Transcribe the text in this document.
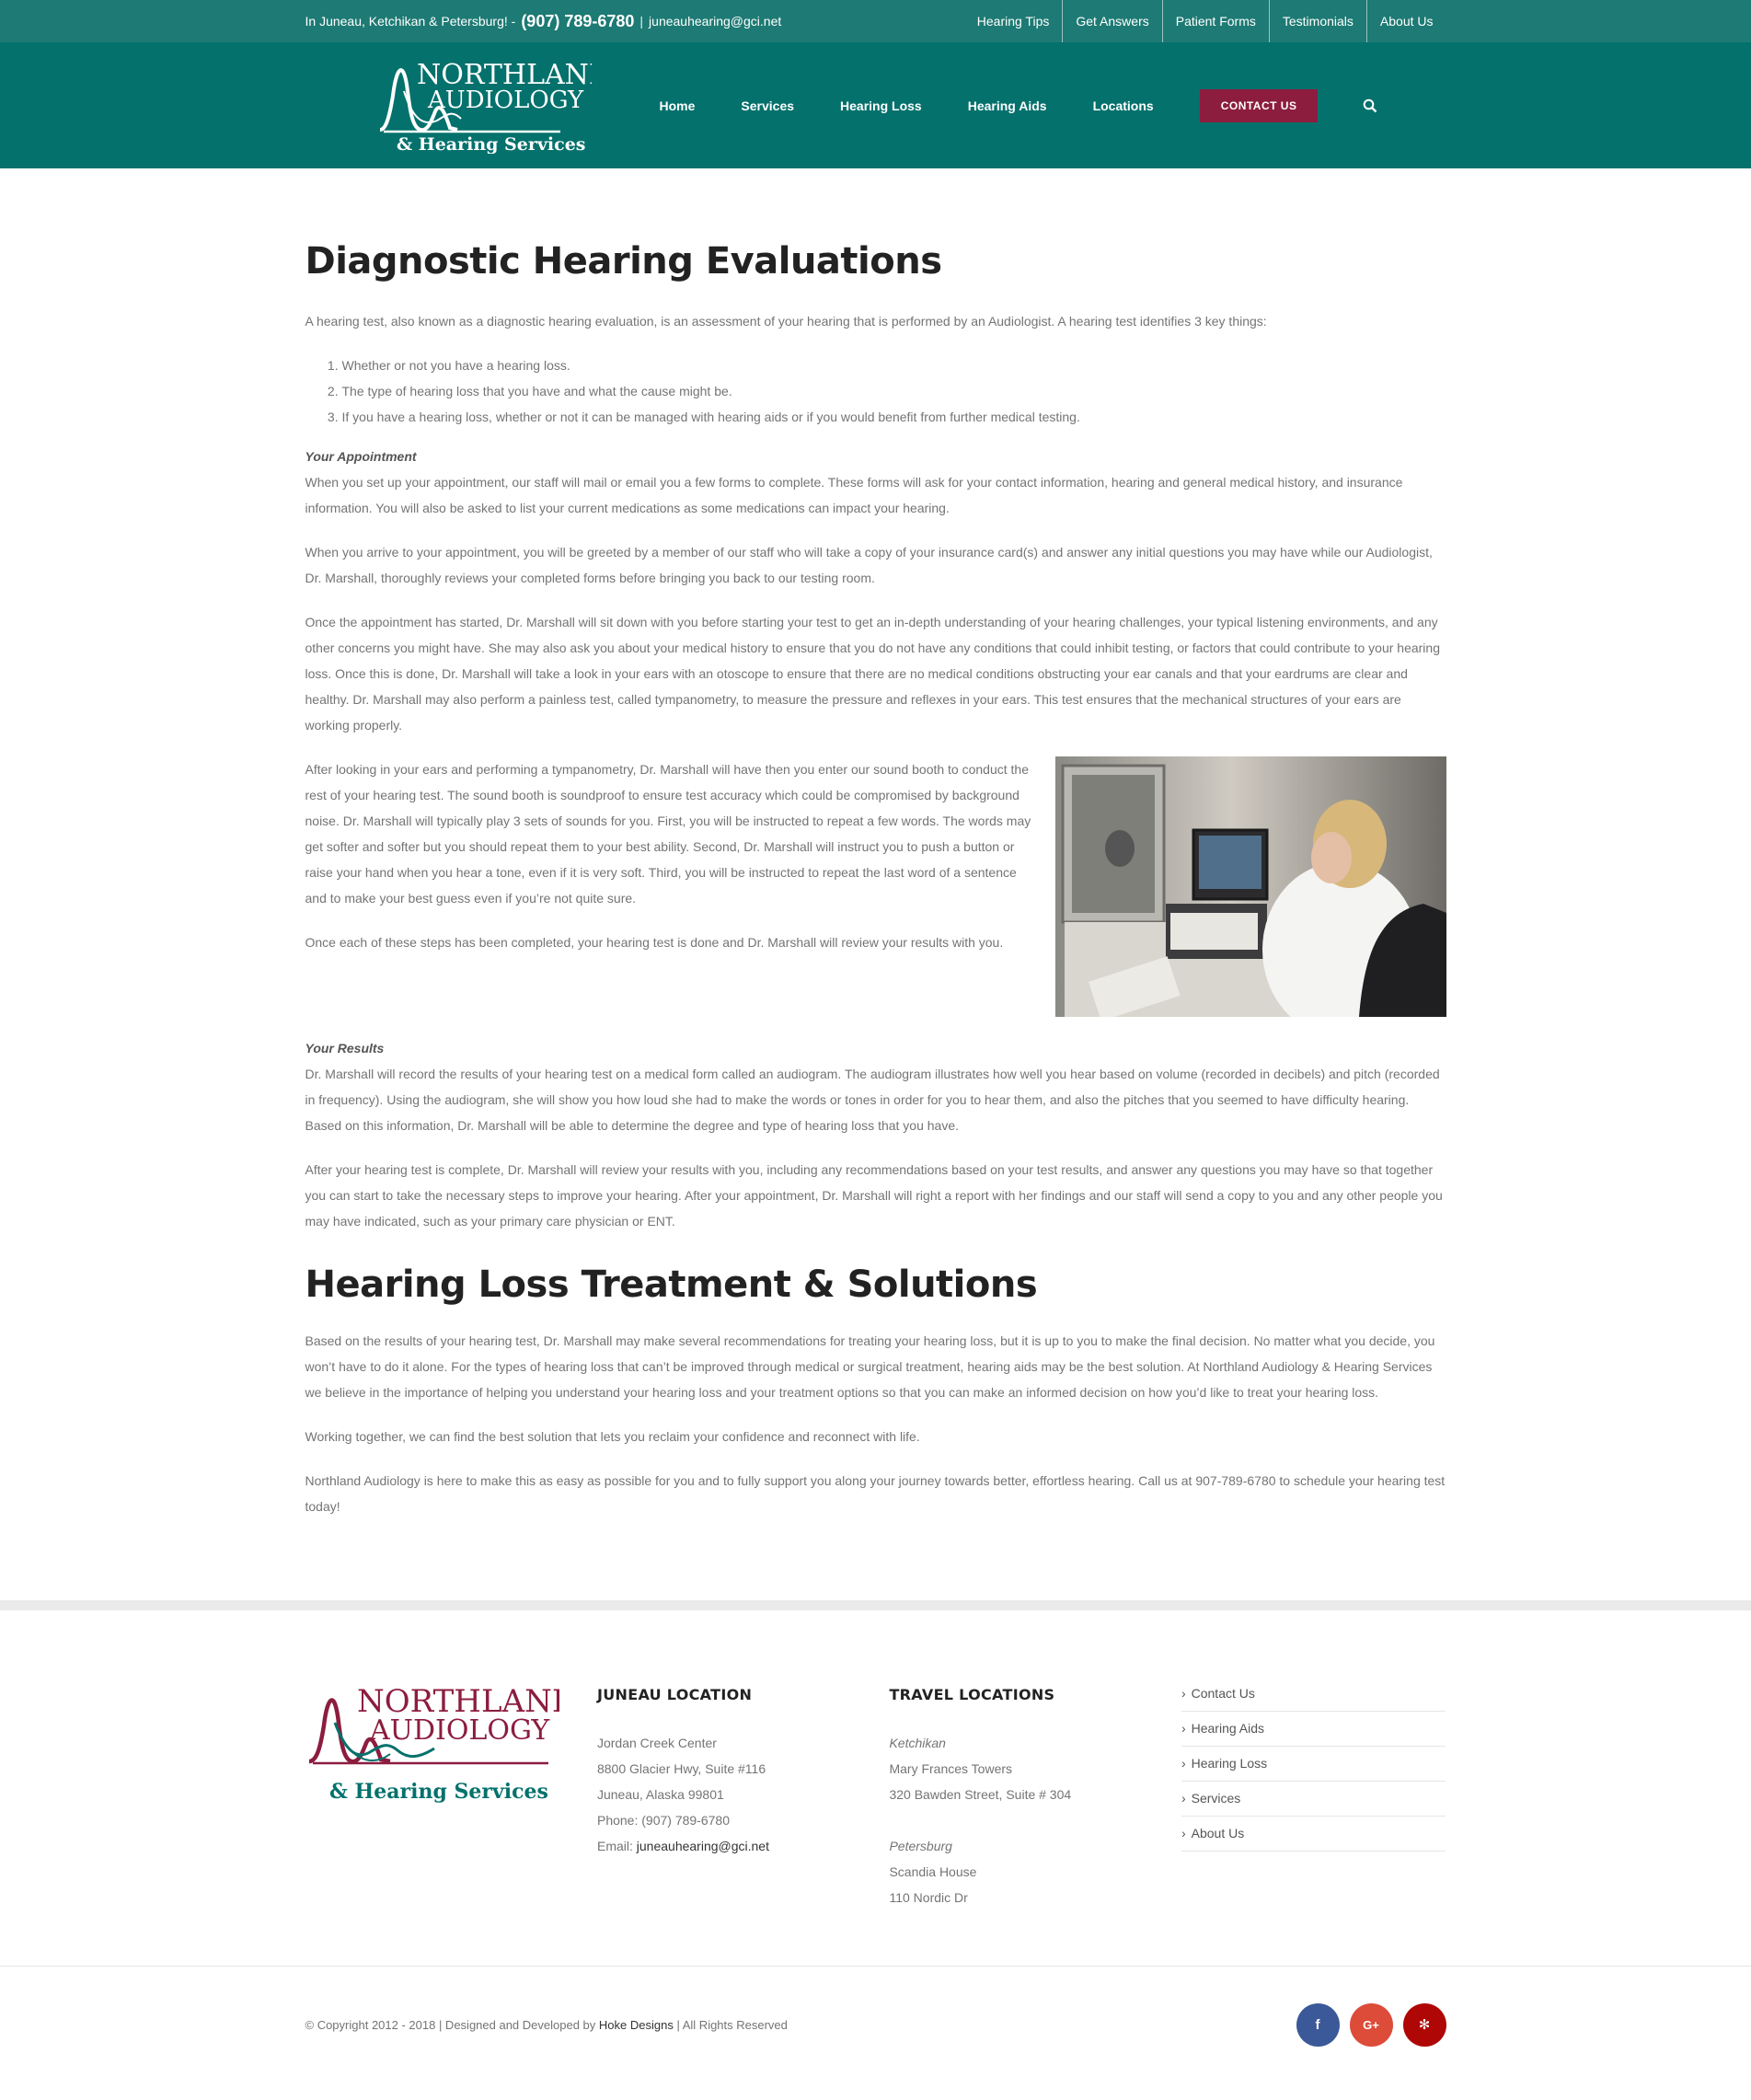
In Juneau, Ketchikan & Petersburg! - (907) 789-6780 | juneauhearing@gci.net	Hearing Tips	Get Answers	Patient Forms	Testimonials	About Us
NORTHLAND
AUDIOLOGY
& Hearing Services
Home	Services	Hearing Loss	Hearing Aids	Locations	CONTACT US
Diagnostic Hearing Evaluations

A hearing test, also known as a diagnostic hearing evaluation, is an assessment of your hearing that is performed by an Audiologist. A hearing test identifies 3 key things:

1. Whether or not you have a hearing loss.
2. The type of hearing loss that you have and what the cause might be.
3. If you have a hearing loss, whether or not it can be managed with hearing aids or if you would benefit from further medical testing.

Your Appointment
When you set up your appointment, our staff will mail or email you a few forms to complete. These forms will ask for your contact information, hearing and general medical history, and insurance information. You will also be asked to list your current medications as some medications can impact your hearing.

When you arrive to your appointment, you will be greeted by a member of our staff who will take a copy of your insurance card(s) and answer any initial questions you may have while our Audiologist, Dr. Marshall, thoroughly reviews your completed forms before bringing you back to our testing room.

Once the appointment has started, Dr. Marshall will sit down with you before starting your test to get an in-depth understanding of your hearing challenges, your typical listening environments, and any other concerns you might have. She may also ask you about your medical history to ensure that you do not have any conditions that could inhibit testing, or factors that could contribute to your hearing loss. Once this is done, Dr. Marshall will take a look in your ears with an otoscope to ensure that there are no medical conditions obstructing your ear canals and that your eardrums are clear and healthy. Dr. Marshall may also perform a painless test, called tympanometry, to measure the pressure and reflexes in your ears. This test ensures that the mechanical structures of your ears are working properly.

After looking in your ears and performing a tympanometry, Dr. Marshall will have then you enter our sound booth to conduct the rest of your hearing test. The sound booth is soundproof to ensure test accuracy which could be compromised by background noise. Dr. Marshall will typically play 3 sets of sounds for you. First, you will be instructed to repeat a few words. The words may get softer and softer but you should repeat them to your best ability. Second, Dr. Marshall will instruct you to push a button or raise your hand when you hear a tone, even if it is very soft. Third, you will be instructed to repeat the last word of a sentence and to make your best guess even if you’re not quite sure.

Once each of these steps has been completed, your hearing test is done and Dr. Marshall will review your results with you.

Your Results
Dr. Marshall will record the results of your hearing test on a medical form called an audiogram. The audiogram illustrates how well you hear based on volume (recorded in decibels) and pitch (recorded in frequency). Using the audiogram, she will show you how loud she had to make the words or tones in order for you to hear them, and also the pitches that you seemed to have difficulty hearing. Based on this information, Dr. Marshall will be able to determine the degree and type of hearing loss that you have.

After your hearing test is complete, Dr. Marshall will review your results with you, including any recommendations based on your test results, and answer any questions you may have so that together you can start to take the necessary steps to improve your hearing. After your appointment, Dr. Marshall will right a report with her findings and our staff will send a copy to you and any other people you may have indicated, such as your primary care physician or ENT.

Hearing Loss Treatment & Solutions

Based on the results of your hearing test, Dr. Marshall may make several recommendations for treating your hearing loss, but it is up to you to make the final decision. No matter what you decide, you won’t have to do it alone. For the types of hearing loss that can’t be improved through medical or surgical treatment, hearing aids may be the best solution. At Northland Audiology & Hearing Services we believe in the importance of helping you understand your hearing loss and your treatment options so that you can make an informed decision on how you’d like to treat your hearing loss.

Working together, we can find the best solution that lets you reclaim your confidence and reconnect with life.

Northland Audiology is here to make this as easy as possible for you and to fully support you along your journey towards better, effortless hearing. Call us at 907-789-6780 to schedule your hearing test today!

NORTHLAND
AUDIOLOGY
& Hearing Services
JUNEAU LOCATION
Jordan Creek Center
8800 Glacier Hwy, Suite #116
Juneau, Alaska 99801
Phone: (907) 789-6780
Email: juneauhearing@gci.net
TRAVEL LOCATIONS
Ketchikan
Mary Frances Towers
320 Bawden Street, Suite # 304
Petersburg
Scandia House
110 Nordic Dr
› Contact Us
› Hearing Aids
› Hearing Loss
› Services
› About Us
© Copyright 2012 - 2018 | Designed and Developed by Hoke Designs | All Rights Reserved	f	G+	✻
